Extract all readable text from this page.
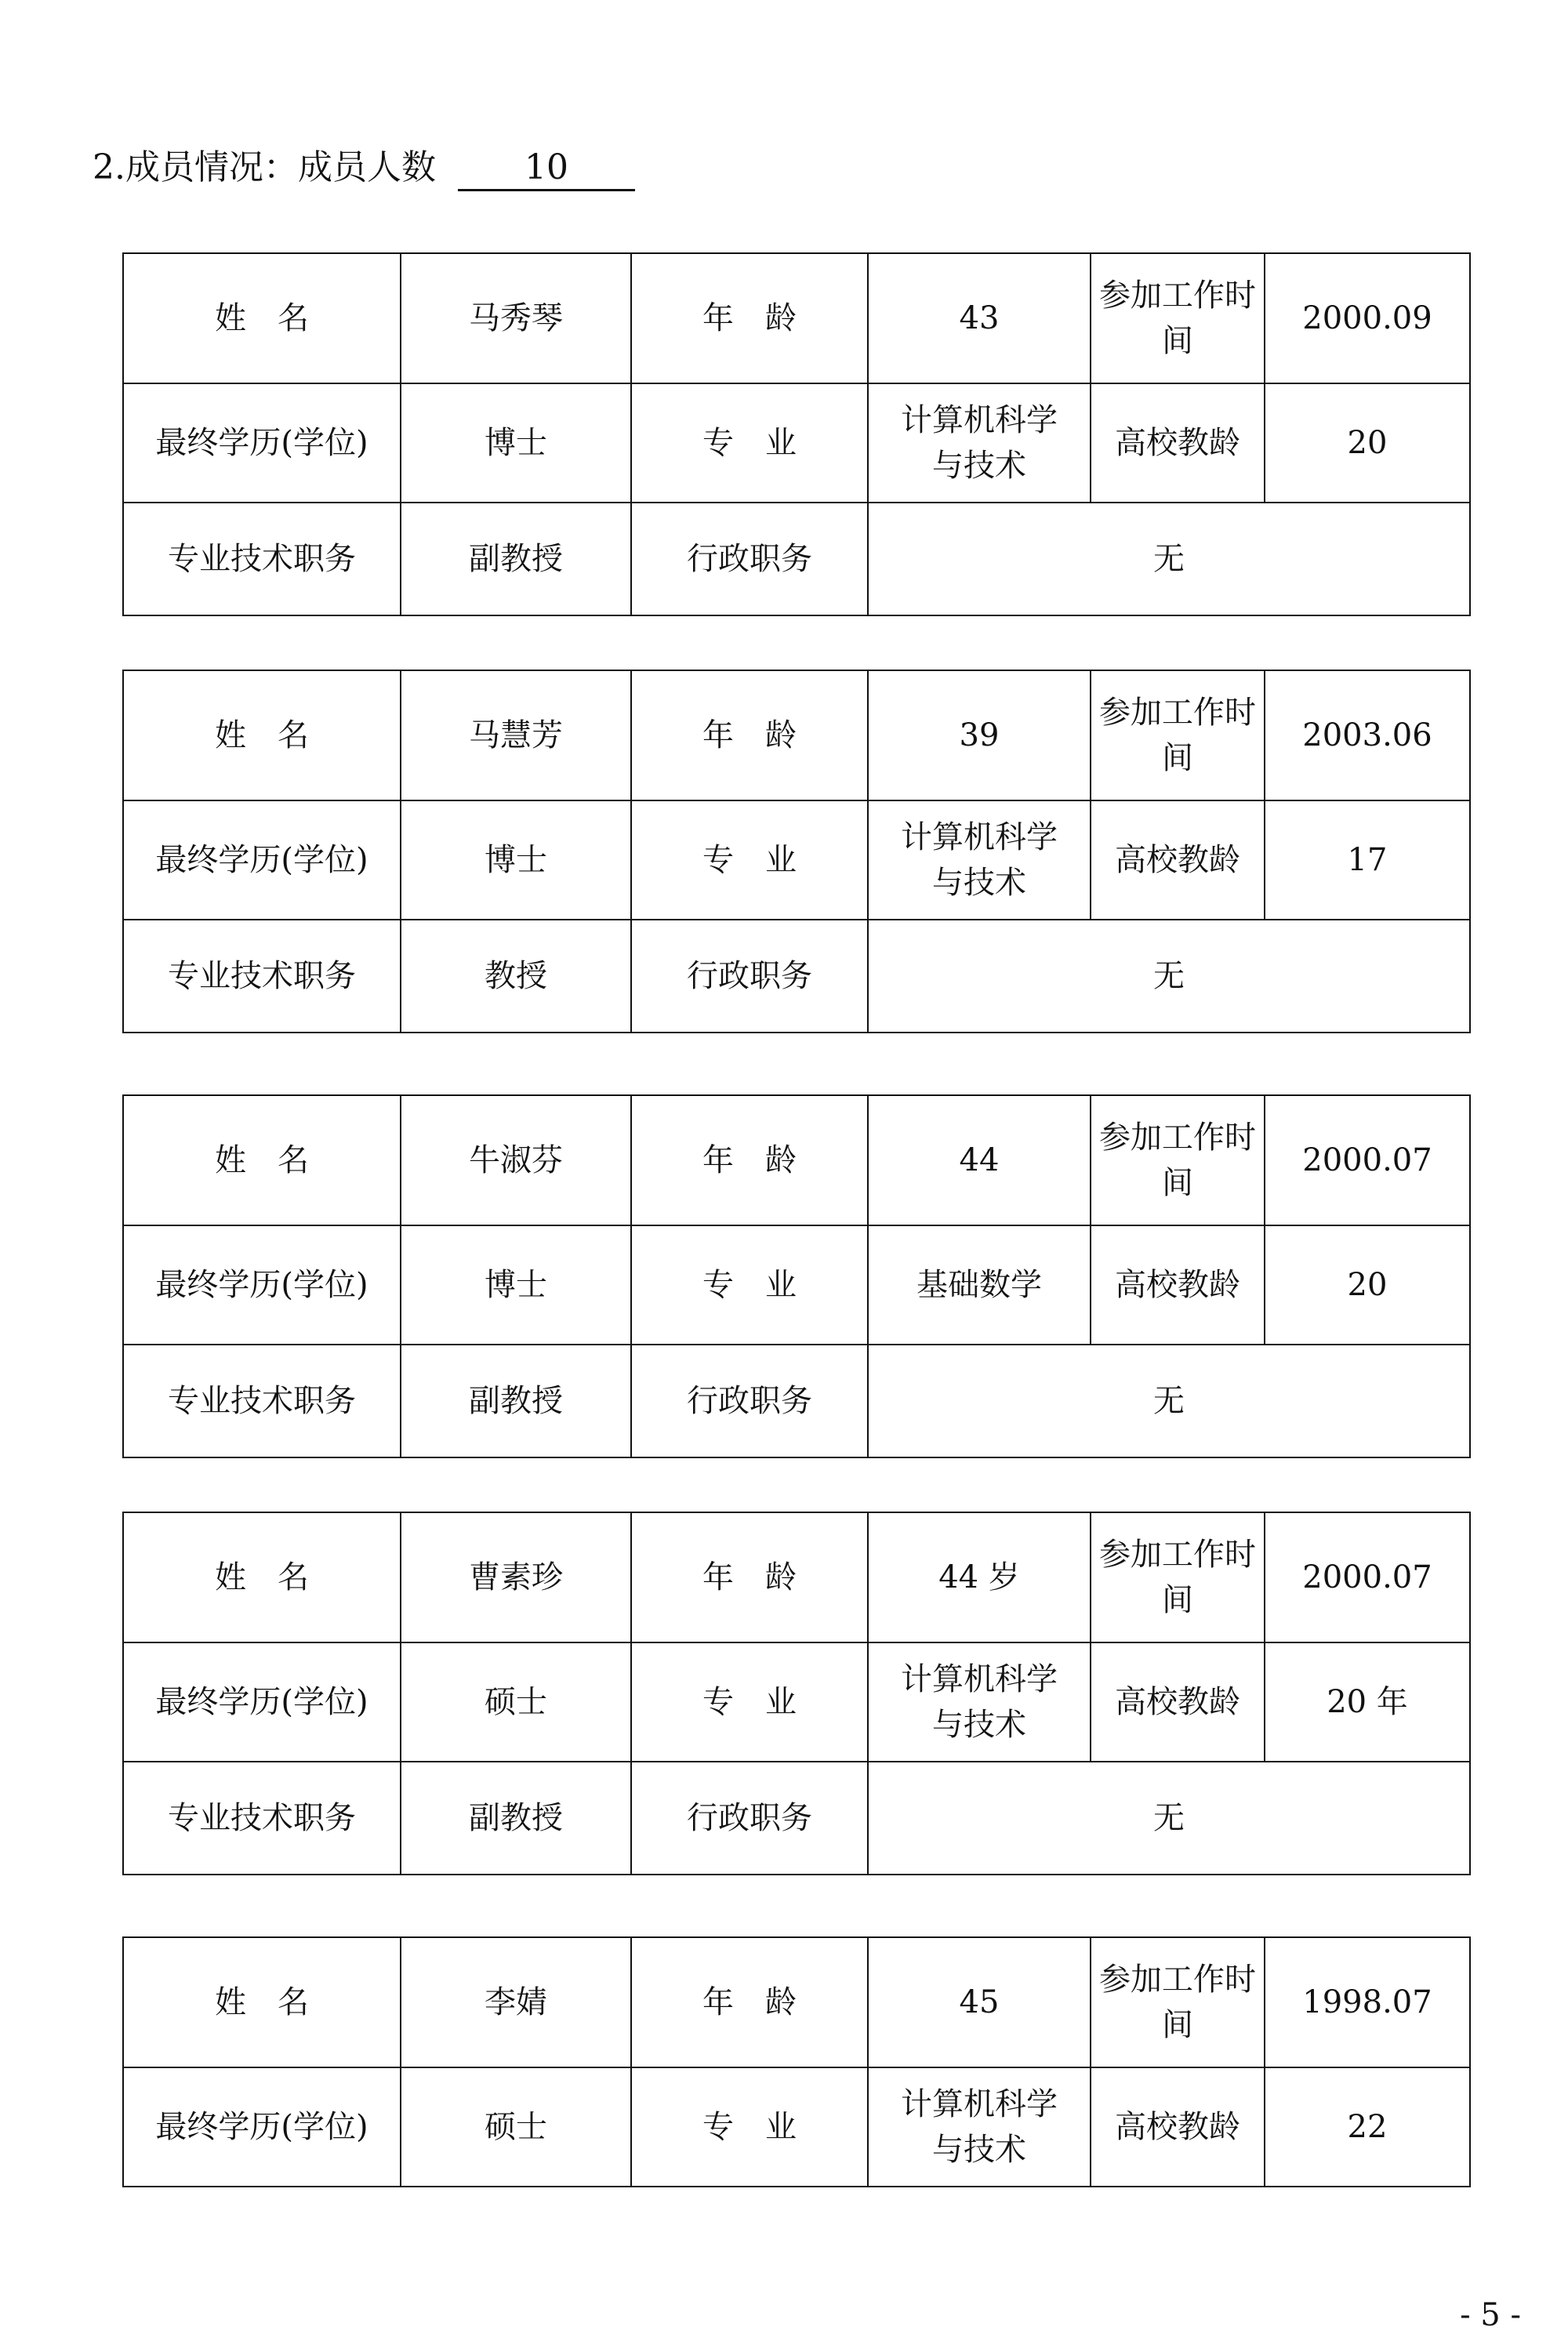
2.成员情况：成员人数	10
姓　名	马秀琴	年　龄	43	参加工作时间	2000.09
最终学历(学位)	博士	专　业	计算机科学与技术	高校教龄	20
专业技术职务	副教授	行政职务	无		
姓　名	马慧芳	年　龄	39	参加工作时间	2003.06
最终学历(学位)	博士	专　业	计算机科学与技术	高校教龄	17
专业技术职务	教授	行政职务	无		
姓　名	牛淑芬	年　龄	44	参加工作时间	2000.07
最终学历(学位)	博士	专　业	基础数学	高校教龄	20
专业技术职务	副教授	行政职务	无		
姓　名	曹素珍	年　龄	44 岁	参加工作时间	2000.07
最终学历(学位)	硕士	专　业	计算机科学与技术	高校教龄	20 年
专业技术职务	副教授	行政职务	无		
姓　名	李婧	年　龄	45	参加工作时间	1998.07
最终学历(学位)	硕士	专　业	计算机科学与技术	高校教龄	22
- 5 -
